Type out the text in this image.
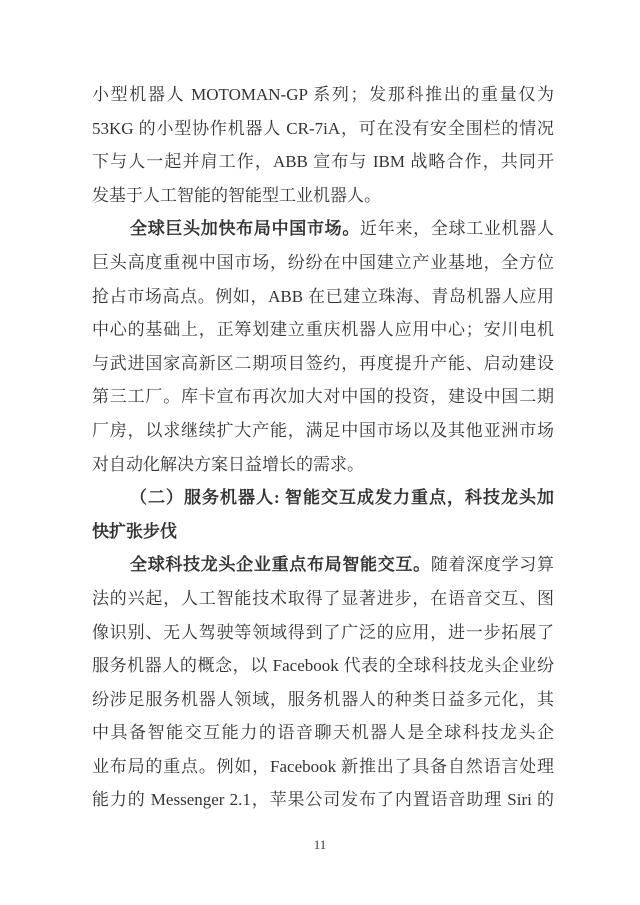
小型机器人 MOTOMAN-GP 系列；发那科推出的重量仅为
53KG 的小型协作机器人 CR-7iA，可在没有安全围栏的情况
下与人一起并肩工作，ABB 宣布与 IBM 战略合作，共同开
发基于人工智能的智能型工业机器人。
全球巨头加快布局中国市场。近年来，全球工业机器人
巨头高度重视中国市场，纷纷在中国建立产业基地，全方位
抢占市场高点。例如，ABB 在已建立珠海、青岛机器人应用
中心的基础上，正筹划建立重庆机器人应用中心；安川电机
与武进国家高新区二期项目签约，再度提升产能、启动建设
第三工厂。库卡宣布再次加大对中国的投资，建设中国二期
厂房，以求继续扩大产能，满足中国市场以及其他亚洲市场
对自动化解决方案日益增长的需求。
（二）服务机器人: 智能交互成发力重点，科技龙头加
快扩张步伐
全球科技龙头企业重点布局智能交互。随着深度学习算
法的兴起，人工智能技术取得了显著进步，在语音交互、图
像识别、无人驾驶等领域得到了广泛的应用，进一步拓展了
服务机器人的概念，以 Facebook 代表的全球科技龙头企业纷
纷涉足服务机器人领域，服务机器人的种类日益多元化，其
中具备智能交互能力的语音聊天机器人是全球科技龙头企
业布局的重点。例如，Facebook 新推出了具备自然语言处理
能力的 Messenger 2.1，苹果公司发布了内置语音助理 Siri 的
11
